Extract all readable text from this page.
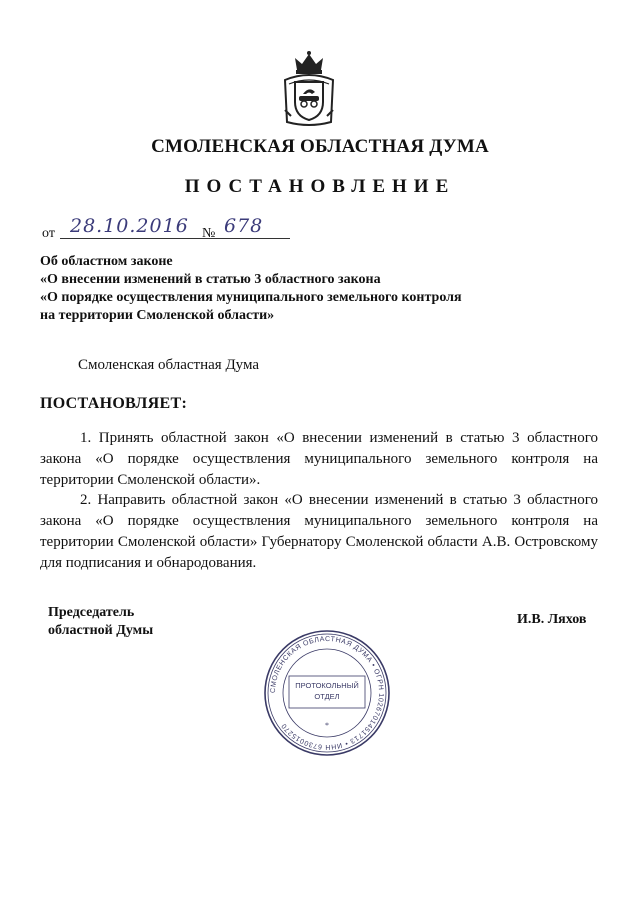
СМОЛЕНСКАЯ ОБЛАСТНАЯ ДУМА
ПОСТАНОВЛЕНИЕ
от 28.10.2016 № 678
Об областном законе
«О внесении изменений в статью 3 областного закона
«О порядке осуществления муниципального земельного контроля
на территории Смоленской области»
Смоленская областная Дума
ПОСТАНОВЛЯЕТ:
1. Принять областной закон «О внесении изменений в статью 3 областного закона «О порядке осуществления муниципального земельного контроля на территории Смоленской области».
2. Направить областной закон «О внесении изменений в статью 3 областного закона «О порядке осуществления муниципального земельного контроля на территории Смоленской области» Губернатору Смоленской области А.В. Островскому для подписания и обнародования.
Председатель
областной Думы
И.В. Ляхов
СМОЛЕНСКАЯ ОБЛАСТНАЯ ДУМА • ОГРН 1026701451713 • ИНН 6730015270	*
ПРОТОКОЛЬНЫЙ
ОТДЕЛ
